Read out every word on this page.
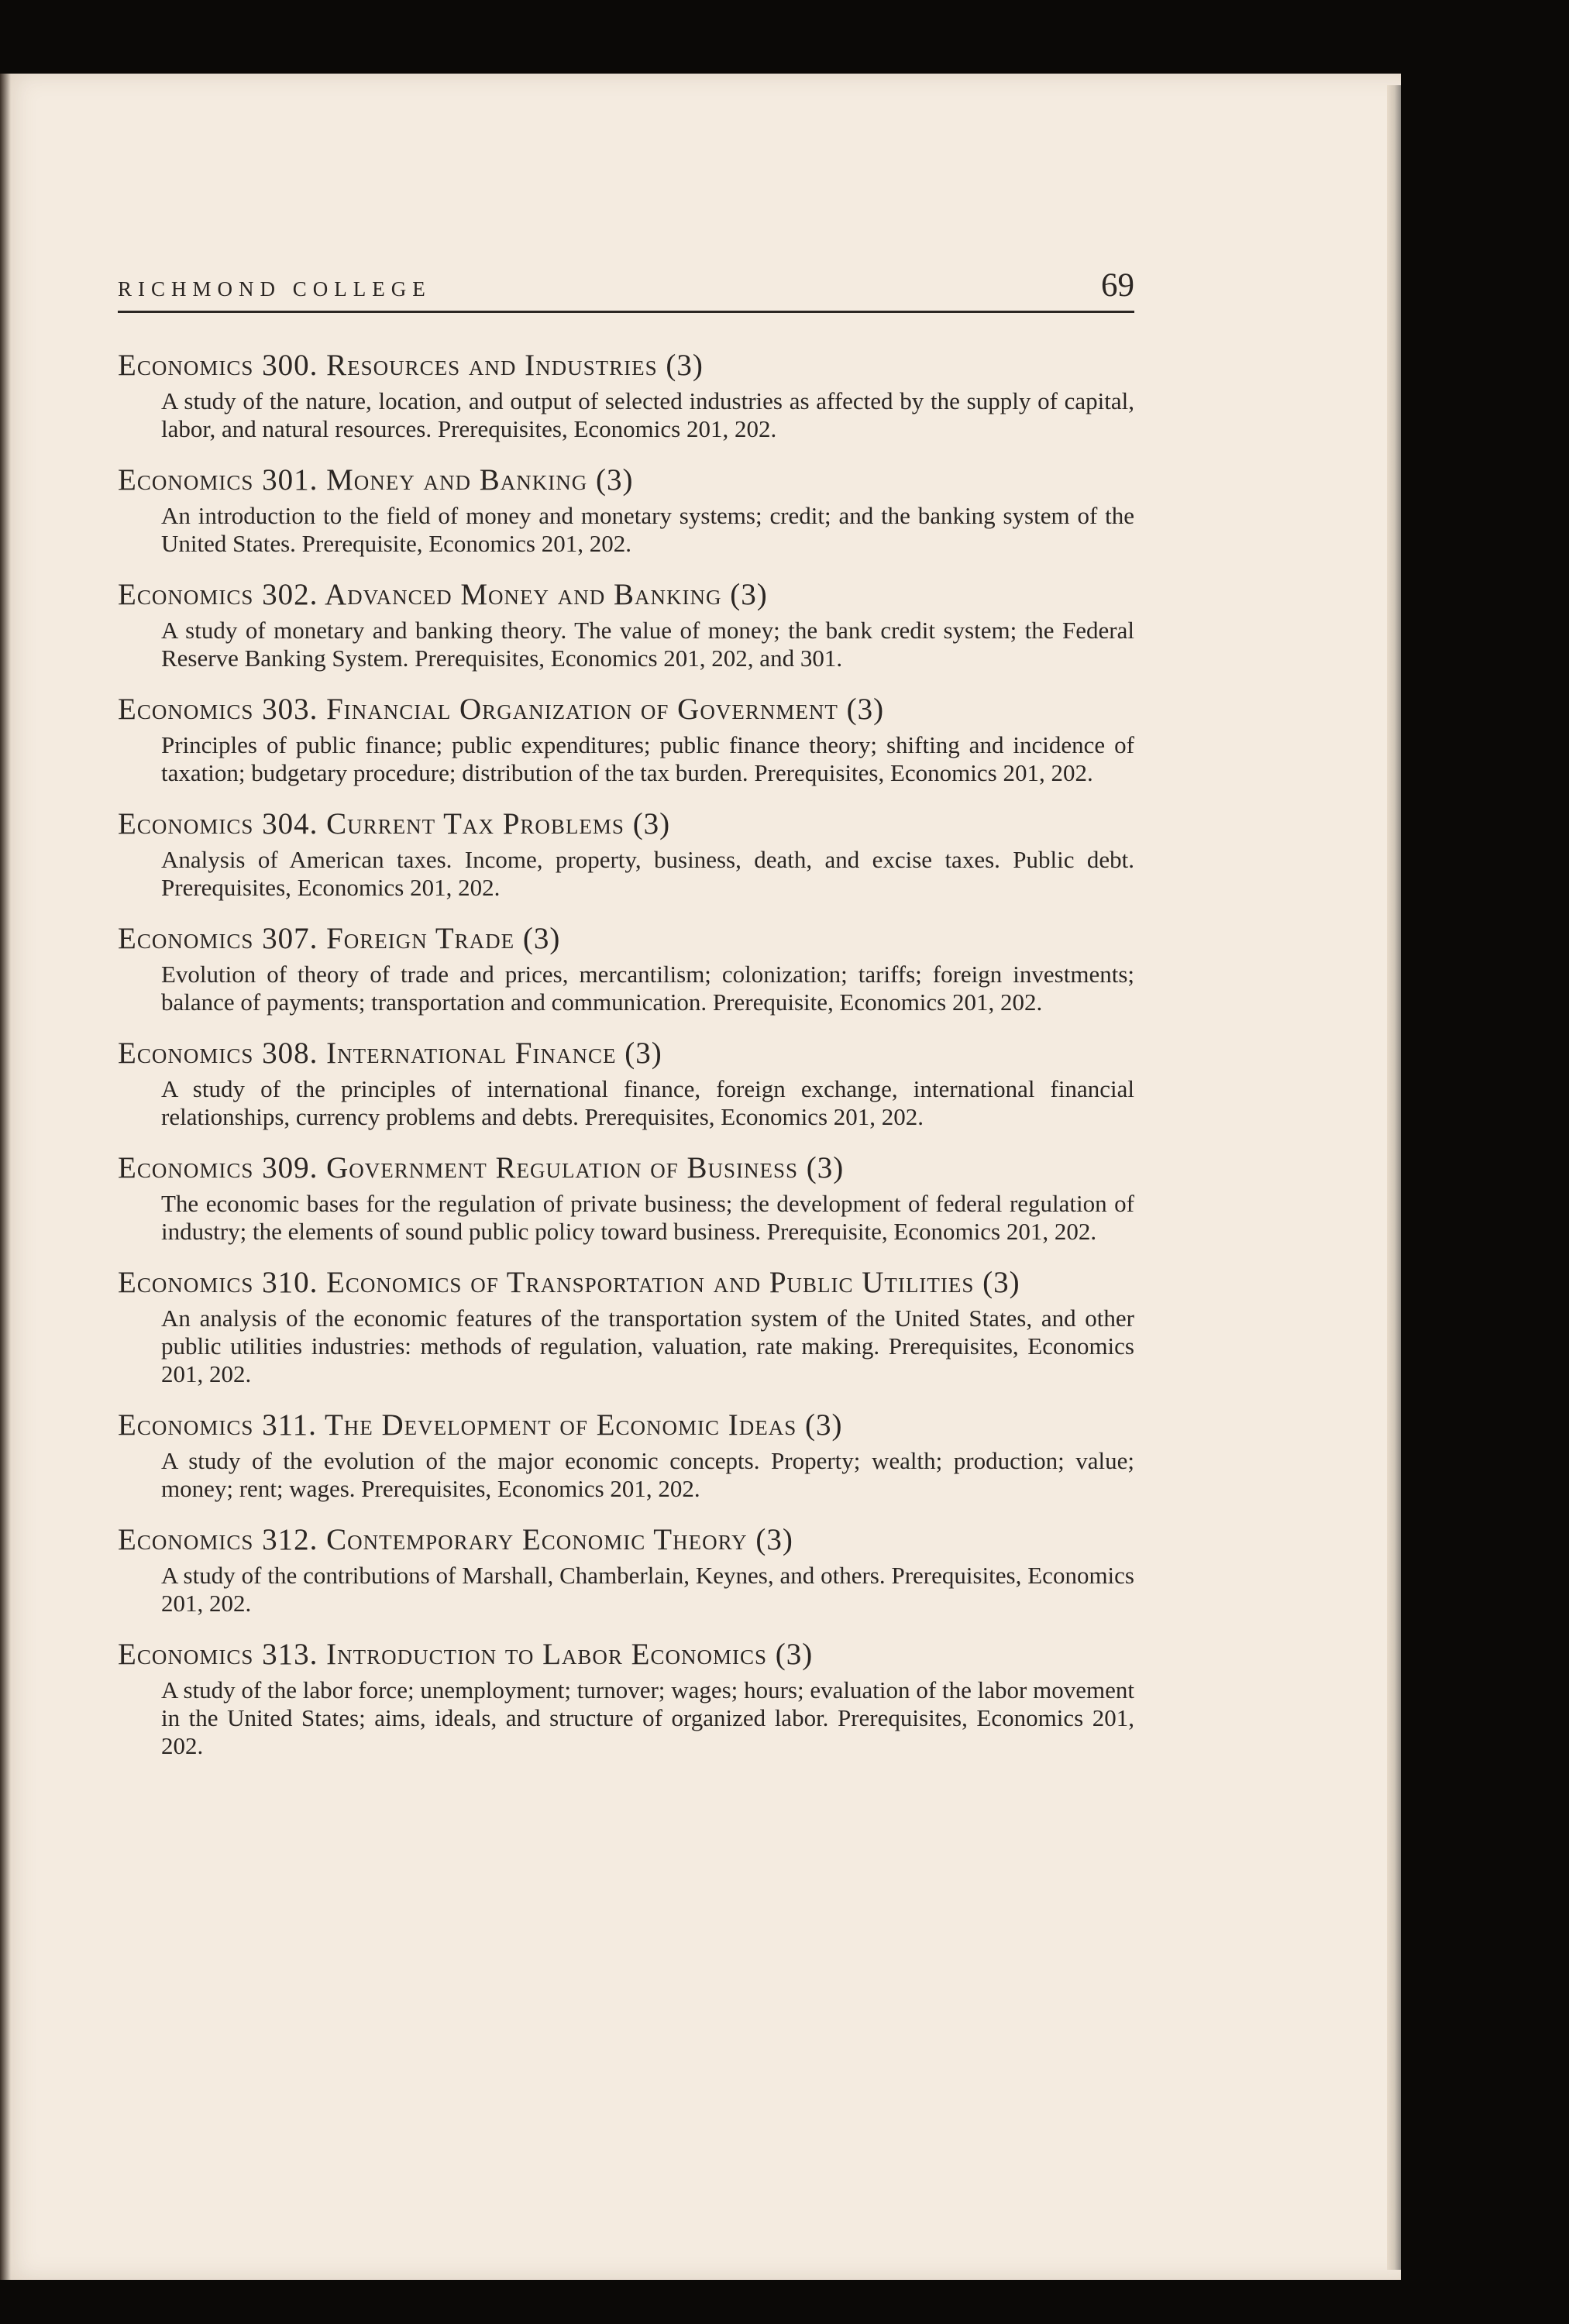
RICHMOND COLLEGE	69
Economics 300. Resources and Industries (3)
A study of the nature, location, and output of selected industries as affected by the supply of capital, labor, and natural resources. Prerequisites, Economics 201, 202.
Economics 301. Money and Banking (3)
An introduction to the field of money and monetary systems; credit; and the banking system of the United States. Prerequisite, Economics 201, 202.
Economics 302. Advanced Money and Banking (3)
A study of monetary and banking theory. The value of money; the bank credit system; the Federal Reserve Banking System. Prerequisites, Economics 201, 202, and 301.
Economics 303. Financial Organization of Government (3)
Principles of public finance; public expenditures; public finance theory; shifting and incidence of taxation; budgetary procedure; distribution of the tax burden. Prerequisites, Economics 201, 202.
Economics 304. Current Tax Problems (3)
Analysis of American taxes. Income, property, business, death, and excise taxes. Public debt. Prerequisites, Economics 201, 202.
Economics 307. Foreign Trade (3)
Evolution of theory of trade and prices, mercantilism; colonization; tariffs; foreign investments; balance of payments; transportation and communication. Prerequisite, Economics 201, 202.
Economics 308. International Finance (3)
A study of the principles of international finance, foreign exchange, international financial relationships, currency problems and debts. Prerequisites, Economics 201, 202.
Economics 309. Government Regulation of Business (3)
The economic bases for the regulation of private business; the development of federal regulation of industry; the elements of sound public policy toward business. Prerequisite, Economics 201, 202.
Economics 310. Economics of Transportation and Public Utilities (3)
An analysis of the economic features of the transportation system of the United States, and other public utilities industries: methods of regulation, valuation, rate making. Prerequisites, Economics 201, 202.
Economics 311. The Development of Economic Ideas (3)
A study of the evolution of the major economic concepts. Property; wealth; production; value; money; rent; wages. Prerequisites, Economics 201, 202.
Economics 312. Contemporary Economic Theory (3)
A study of the contributions of Marshall, Chamberlain, Keynes, and others. Prerequisites, Economics 201, 202.
Economics 313. Introduction to Labor Economics (3)
A study of the labor force; unemployment; turnover; wages; hours; evaluation of the labor movement in the United States; aims, ideals, and structure of organized labor. Prerequisites, Economics 201, 202.
